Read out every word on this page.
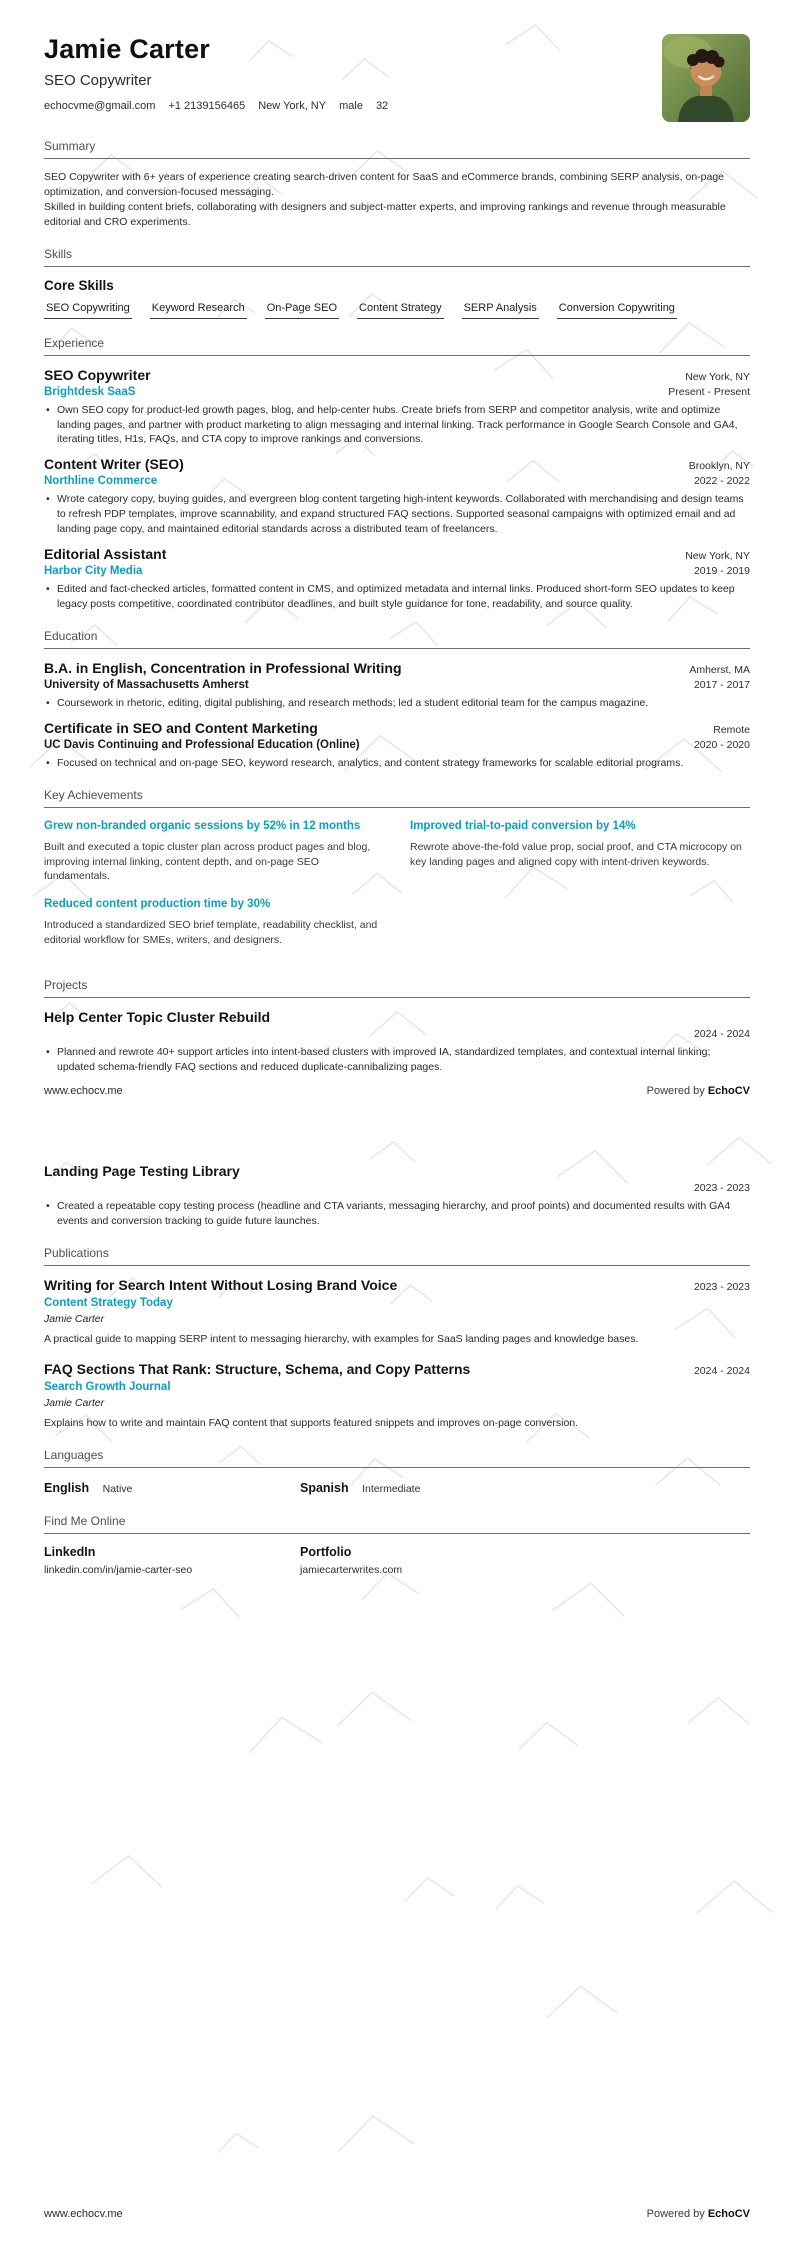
Jamie Carter
SEO Copywriter
echocvme@gmail.com +1 2139156465 New York, NY male 32
Summary

SEO Copywriter with 6+ years of experience creating search-driven content for SaaS and eCommerce brands, combining SERP analysis, on-page optimization, and conversion-focused messaging.

Skilled in building content briefs, collaborating with designers and subject-matter experts, and improving rankings and revenue through measurable editorial and CRO experiments.

Skills
Core Skills
SEO Copywriting Keyword Research On-Page SEO Content Strategy SERP Analysis Conversion Copywriting
Experience
SEO Copywriter	New York, NY
Brightdesk SaaS	Present - Present
• Own SEO copy for product-led growth pages, blog, and help-center hubs. Create briefs from SERP and competitor analysis, write and optimize landing pages, and partner with product marketing to align messaging and internal linking. Track performance in Google Search Console and GA4, iterating titles, H1s, FAQs, and CTA copy to improve rankings and conversions.
Content Writer (SEO)	Brooklyn, NY
Northline Commerce	2022 - 2022
• Wrote category copy, buying guides, and evergreen blog content targeting high-intent keywords. Collaborated with merchandising and design teams to refresh PDP templates, improve scannability, and expand structured FAQ sections. Supported seasonal campaigns with optimized email and ad landing page copy, and maintained editorial standards across a distributed team of freelancers.
Editorial Assistant	New York, NY
Harbor City Media	2019 - 2019
• Edited and fact-checked articles, formatted content in CMS, and optimized metadata and internal links. Produced short-form SEO updates to keep legacy posts competitive, coordinated contributor deadlines, and built style guidance for tone, readability, and source quality.
Education
B.A. in English, Concentration in Professional Writing	Amherst, MA
University of Massachusetts Amherst	2017 - 2017
• Coursework in rhetoric, editing, digital publishing, and research methods; led a student editorial team for the campus magazine.
Certificate in SEO and Content Marketing	Remote
UC Davis Continuing and Professional Education (Online)	2020 - 2020
• Focused on technical and on-page SEO, keyword research, analytics, and content strategy frameworks for scalable editorial programs.
Key Achievements
Grew non-branded organic sessions by 52% in 12 months
Built and executed a topic cluster plan across product pages and blog, improving internal linking, content depth, and on-page SEO fundamentals.
Reduced content production time by 30%
Introduced a standardized SEO brief template, readability checklist, and editorial workflow for SMEs, writers, and designers.
Improved trial-to-paid conversion by 14%
Rewrote above-the-fold value prop, social proof, and CTA microcopy on key landing pages and aligned copy with intent-driven keywords.
Projects
Help Center Topic Cluster Rebuild
2024 - 2024
• Planned and rewrote 40+ support articles into intent-based clusters with improved IA, standardized templates, and contextual internal linking; updated schema-friendly FAQ sections and reduced duplicate-cannibalizing pages.
www.echocv.me	Powered by EchoCV
Landing Page Testing Library
2023 - 2023
• Created a repeatable copy testing process (headline and CTA variants, messaging hierarchy, and proof points) and documented results with GA4 events and conversion tracking to guide future launches.
Publications
Writing for Search Intent Without Losing Brand Voice	2023 - 2023
Content Strategy Today
Jamie Carter

A practical guide to mapping SERP intent to messaging hierarchy, with examples for SaaS landing pages and knowledge bases.

FAQ Sections That Rank: Structure, Schema, and Copy Patterns	2024 - 2024
Search Growth Journal
Jamie Carter

Explains how to write and maintain FAQ content that supports featured snippets and improves on-page conversion.

Languages
English Native	Spanish Intermediate
Find Me Online
LinkedIn
linkedin.com/in/jamie-carter-seo
Portfolio
jamiecarterwrites.com
www.echocv.me	Powered by EchoCV
